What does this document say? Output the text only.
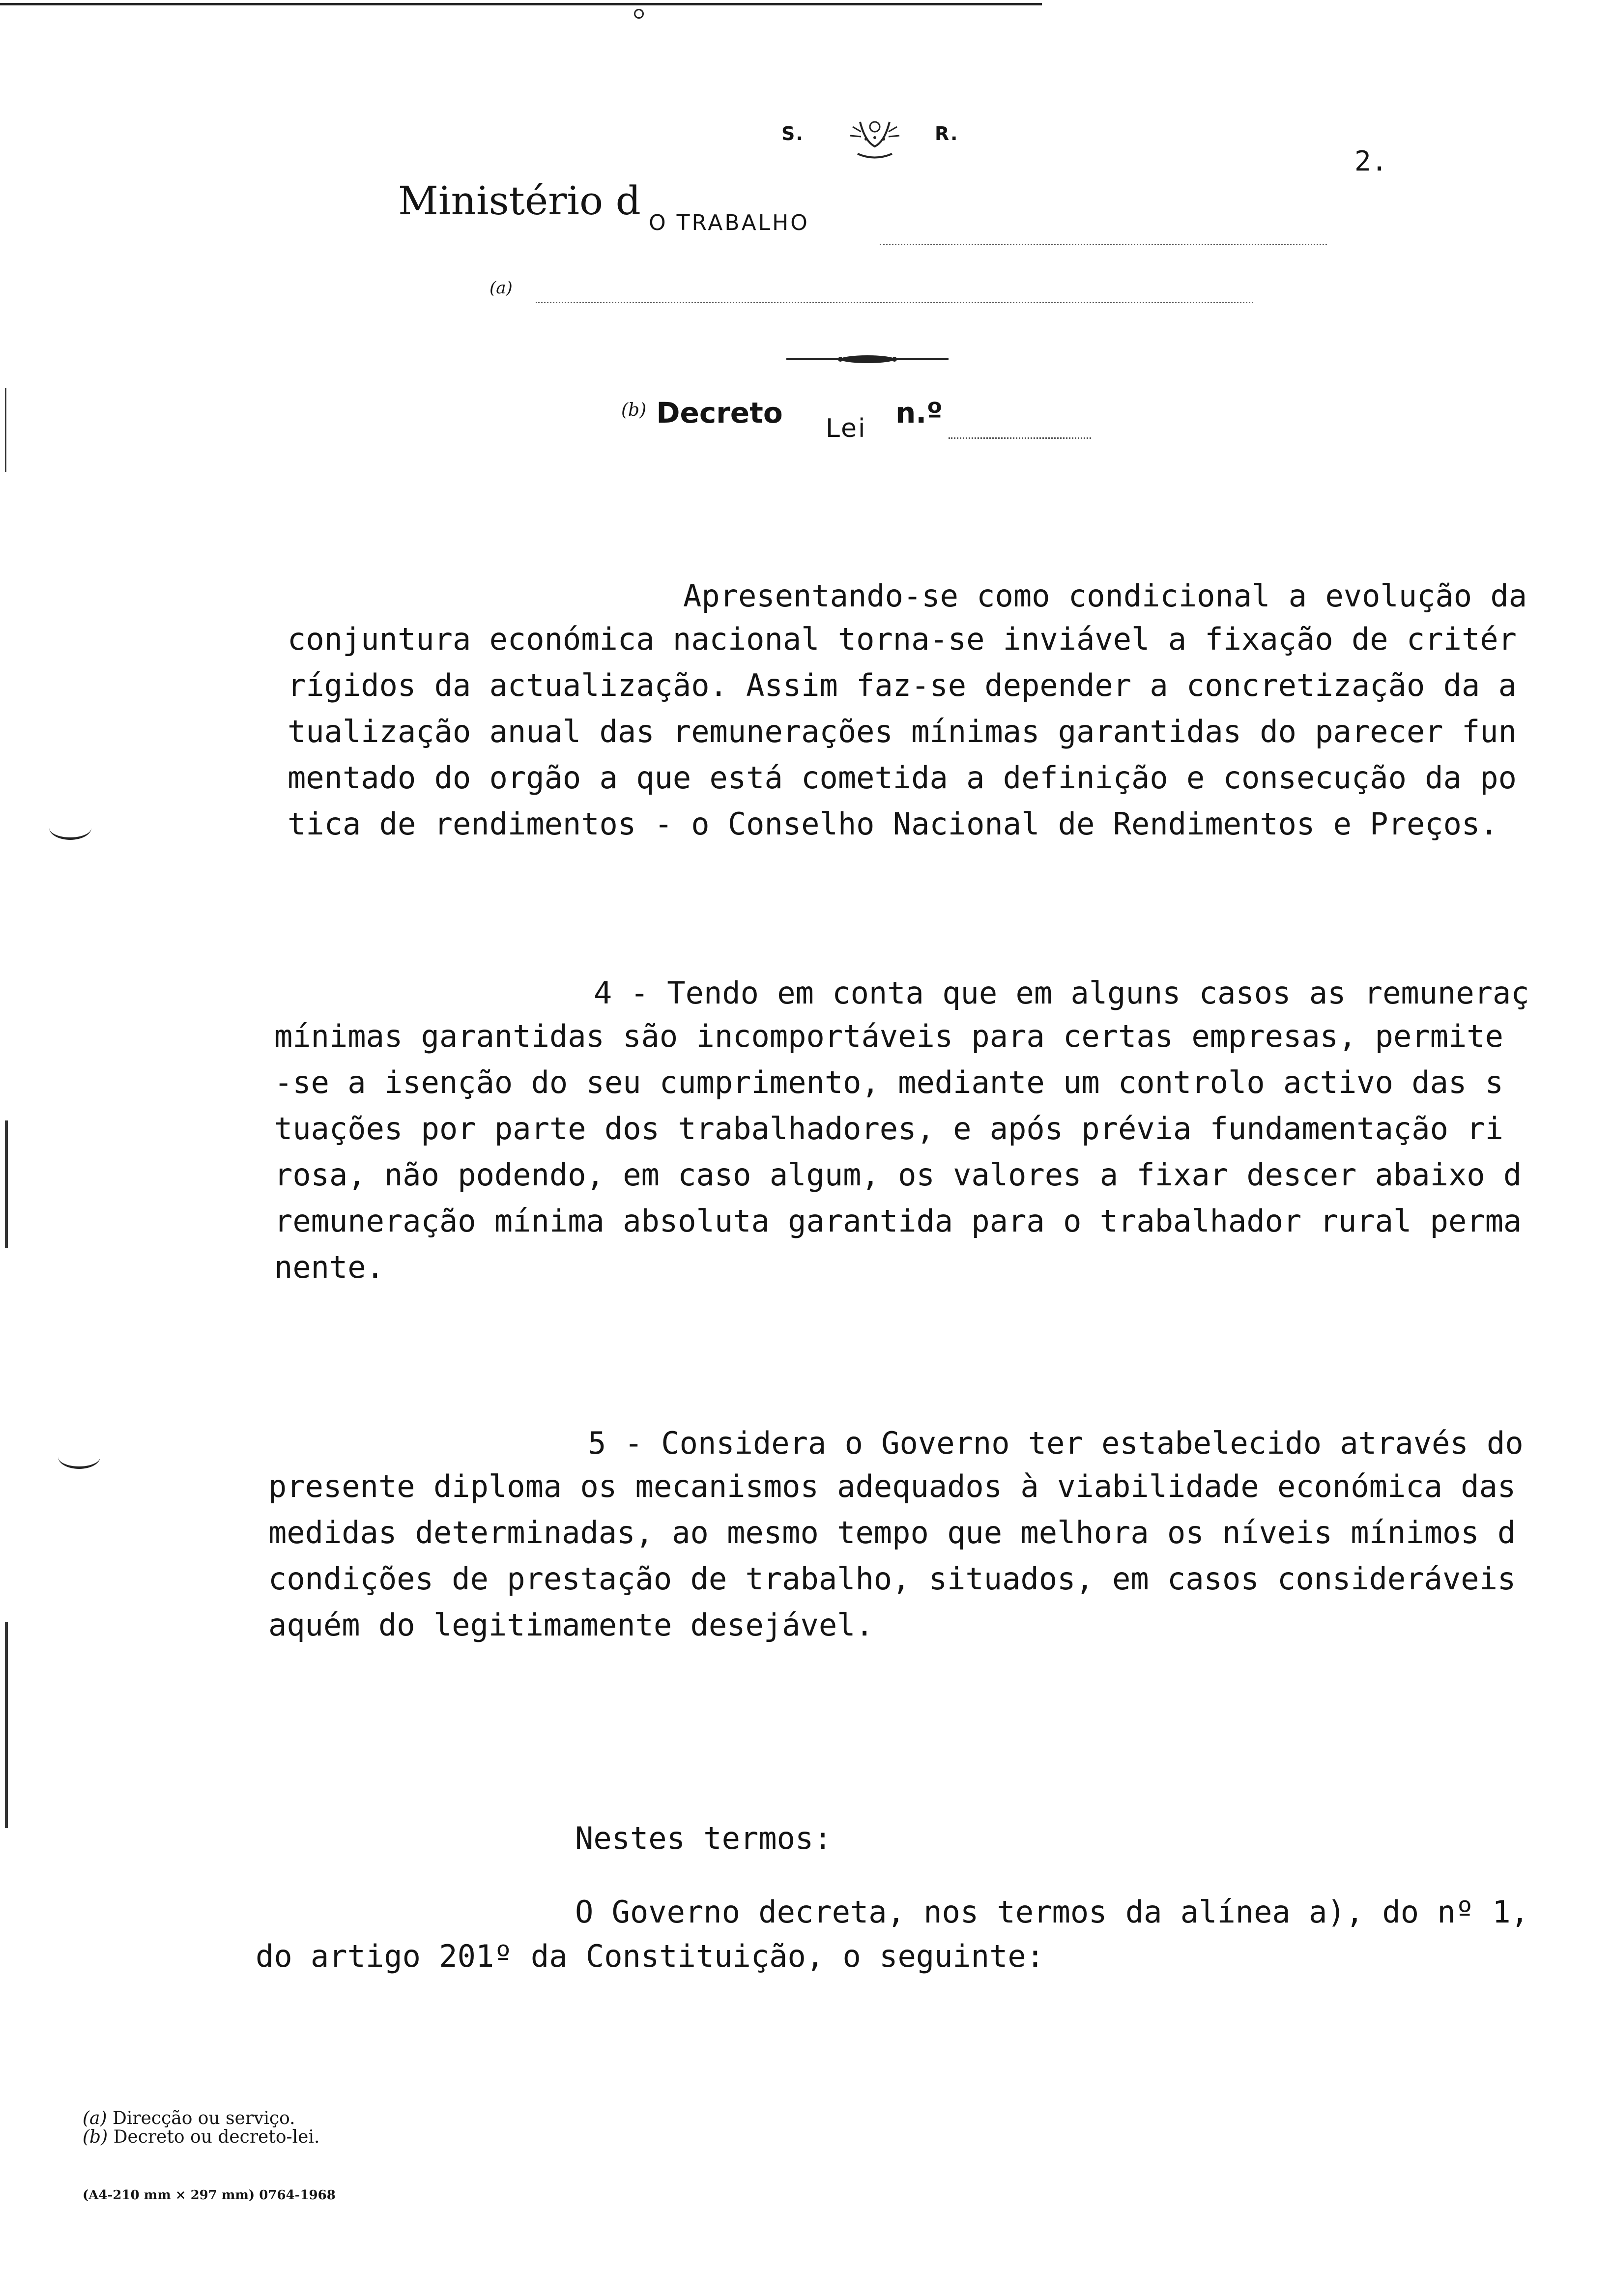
S.	R.
2.
Ministério d O TRABALHO
(a)
$^{(b)}$ Decreto Lei n.º
Apresentando-se como condicional a evolução da
conjuntura económica nacional torna-se inviável a fixação de critér
rígidos da actualização. Assim faz-se depender a concretização da a
tualização anual das remunerações mínimas garantidas do parecer fun
mentado do orgão a que está cometida a definição e consecução da po
tica de rendimentos - o Conselho Nacional de Rendimentos e Preços.
4 - Tendo em conta que em alguns casos as remuneraç
mínimas garantidas são incomportáveis para certas empresas, permite
-se a isenção do seu cumprimento, mediante um controlo activo das s
tuações por parte dos trabalhadores, e após prévia fundamentação ri
rosa, não podendo, em caso algum, os valores a fixar descer abaixo d
remuneração mínima absoluta garantida para o trabalhador rural perma
nente.
5 - Considera o Governo ter estabelecido através do
presente diploma os mecanismos adequados à viabilidade económica das
medidas determinadas, ao mesmo tempo que melhora os níveis mínimos d
condições de prestação de trabalho, situados, em casos consideráveis
aquém do legitimamente desejável.
Nestes termos:
O Governo decreta, nos termos da alínea a), do nº 1,
do artigo 201º da Constituição, o seguinte:
(a) Direcção ou serviço.
(b) Decreto ou decreto-lei.
(A4-210 mm × 297 mm) 0764-1968
